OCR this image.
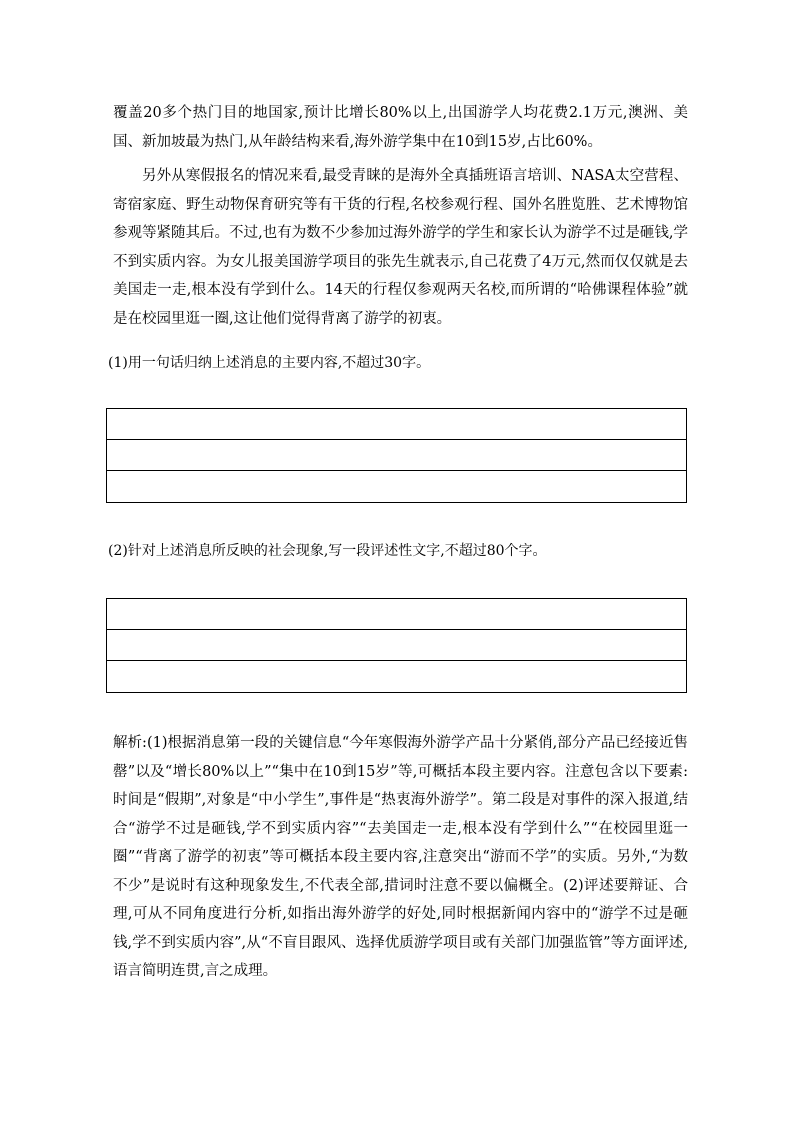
覆盖20多个热门目的地国家,预计比增长80%以上,出国游学人均花费2.1万元,澳洲、美国、新加坡最为热门,从年龄结构来看,海外游学集中在10到15岁,占比60%。

另外从寒假报名的情况来看,最受青睐的是海外全真插班语言培训、NASA太空营程、寄宿家庭、野生动物保育研究等有干货的行程,名校参观行程、国外名胜览胜、艺术博物馆参观等紧随其后。不过,也有为数不少参加过海外游学的学生和家长认为游学不过是砸钱,学不到实质内容。为女儿报美国游学项目的张先生就表示,自己花费了4万元,然而仅仅就是去美国走一走,根本没有学到什么。14天的行程仅参观两天名校,而所谓的“哈佛课程体验”就是在校园里逛一圈,这让他们觉得背离了游学的初衷。

(1)用一句话归纳上述消息的主要内容,不超过30字。

(2)针对上述消息所反映的社会现象,写一段评述性文字,不超过80个字。

解析:(1)根据消息第一段的关键信息“今年寒假海外游学产品十分紧俏,部分产品已经接近售罄”以及“增长80%以上”“集中在10到15岁”等,可概括本段主要内容。注意包含以下要素:时间是“假期”,对象是“中小学生”,事件是“热衷海外游学”。第二段是对事件的深入报道,结合“游学不过是砸钱,学不到实质内容”“去美国走一走,根本没有学到什么”“在校园里逛一圈”“背离了游学的初衷”等可概括本段主要内容,注意突出“游而不学”的实质。另外,“为数不少”是说时有这种现象发生,不代表全部,措词时注意不要以偏概全。(2)评述要辩证、合理,可从不同角度进行分析,如指出海外游学的好处,同时根据新闻内容中的“游学不过是砸钱,学不到实质内容”,从“不盲目跟风、选择优质游学项目或有关部门加强监管”等方面评述,语言简明连贯,言之成理。
